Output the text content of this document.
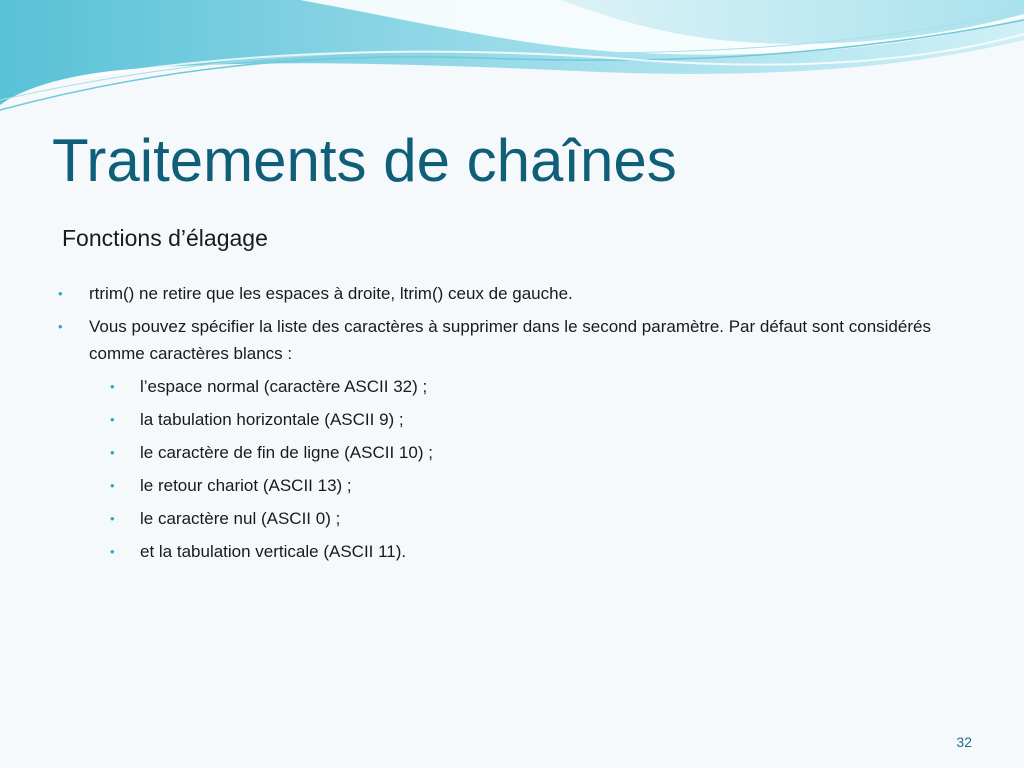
Traitements de chaînes
Fonctions d’élagage
• rtrim() ne retire que les espaces à droite, ltrim() ceux de gauche.
• Vous pouvez spécifier la liste des caractères à supprimer dans le second paramètre. Par défaut sont considérés comme caractères blancs :
• l’espace normal (caractère ASCII 32) ;
• la tabulation horizontale (ASCII 9) ;
• le caractère de fin de ligne (ASCII 10) ;
• le retour chariot (ASCII 13) ;
• le caractère nul (ASCII 0) ;
• et la tabulation verticale (ASCII 11).
32
